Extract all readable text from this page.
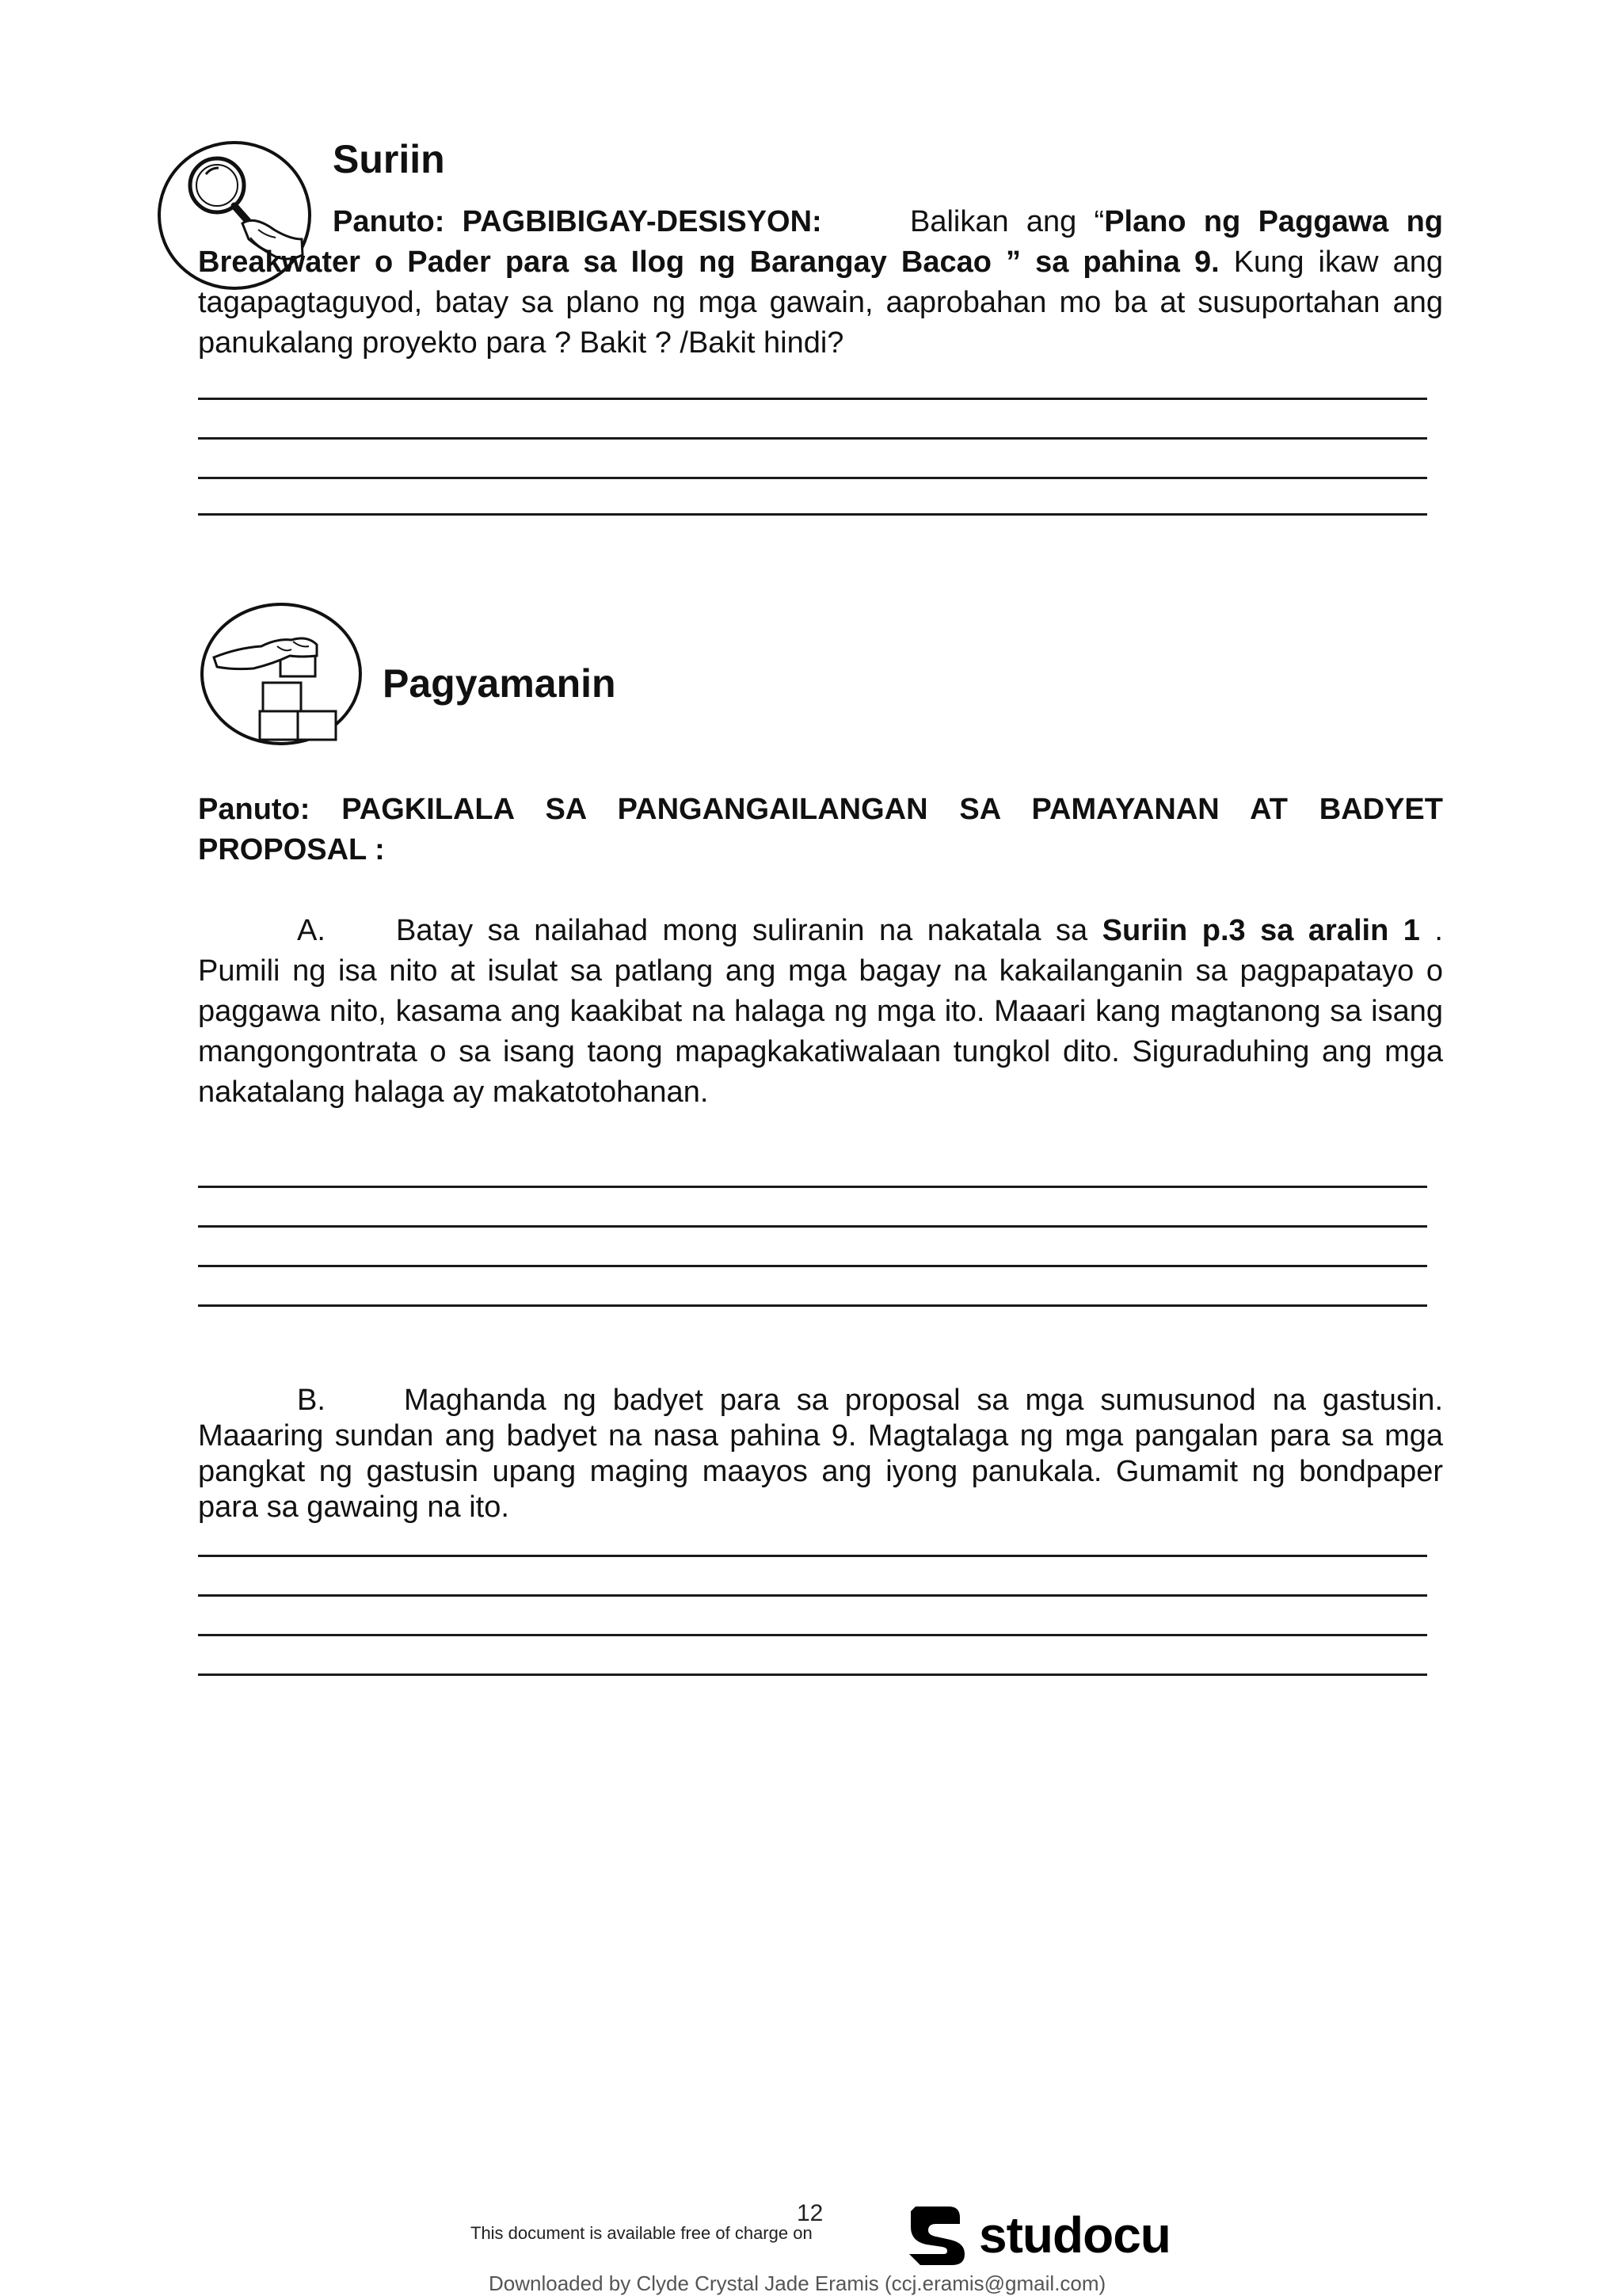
Suriin
Panuto: PAGBIBIGAY-DESISYON:	Balikan ang “Plano ng Paggawa ng Breakwater o Pader para sa Ilog ng Barangay Bacao ” sa pahina 9. Kung ikaw ang tagapagtaguyod, batay sa plano ng mga gawain, aaprobahan mo ba at susuportahan ang panukalang proyekto para ? Bakit ? /Bakit hindi?
Pagyamanin
Panuto: PAGKILALA SA PANGANGAILANGAN SA PAMAYANAN AT BADYET PROPOSAL :
A. Batay sa nailahad mong suliranin na nakatala sa Suriin p.3 sa aralin 1 . Pumili ng isa nito at isulat sa patlang ang mga bagay na kakailanganin sa pagpapatayo o paggawa nito, kasama ang kaakibat na halaga ng mga ito. Maaari kang magtanong sa isang mangongontrata o sa isang taong mapagkakatiwalaan tungkol dito. Siguraduhing ang mga nakatalang halaga ay makatotohanan.
B.	Maghanda ng badyet para sa proposal sa mga sumusunod na gastusin. Maaaring sundan ang badyet na nasa pahina 9. Magtalaga ng mga pangalan para sa mga pangkat ng gastusin upang maging maayos ang iyong panukala. Gumamit ng bondpaper para sa gawaing na ito.
12
This document is available free of charge on	studocu
Downloaded by Clyde Crystal Jade Eramis (ccj.eramis@gmail.com)
